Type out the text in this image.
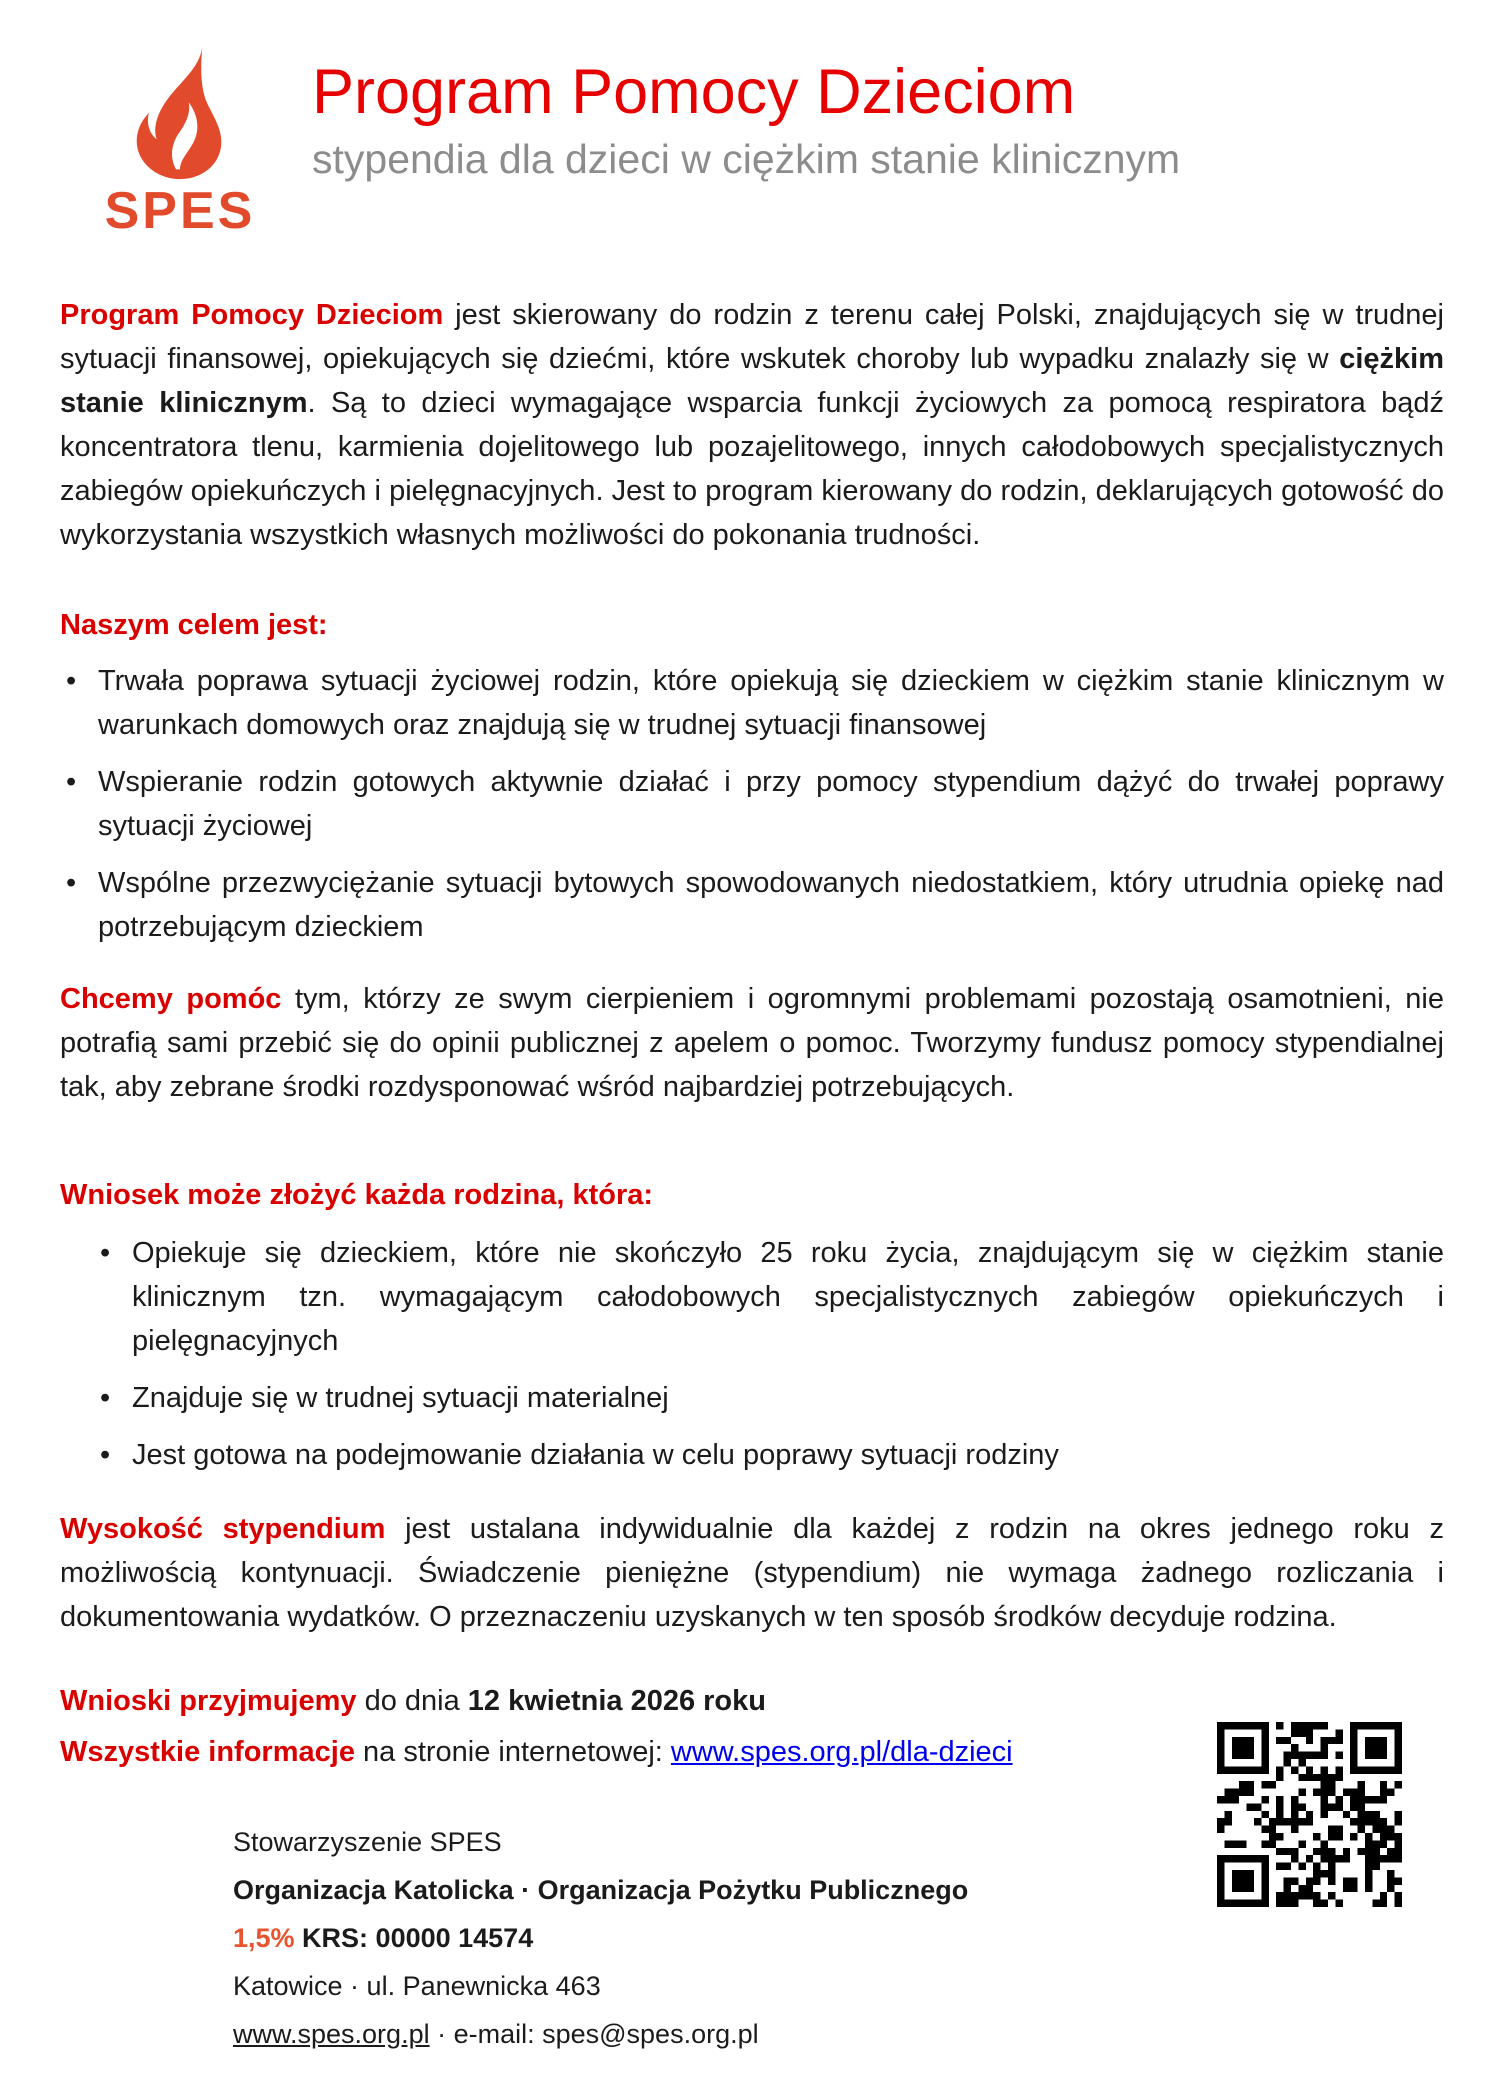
SPES
Program Pomocy Dzieciom
stypendia dla dzieci w ciężkim stanie klinicznym

Program Pomocy Dzieciom jest skierowany do rodzin z terenu całej Polski, znajdujących się w trudnej sytuacji finansowej, opiekujących się dziećmi, które wskutek choroby lub wypadku znalazły się w ciężkim stanie klinicznym. Są to dzieci wymagające wsparcia funkcji życiowych za pomocą respiratora bądź koncentratora tlenu, karmienia dojelitowego lub pozajelitowego, innych całodobowych specjalistycznych zabiegów opiekuńczych i pielęgnacyjnych. Jest to program kierowany do rodzin, deklarujących gotowość do wykorzystania wszystkich własnych możliwości do pokonania trudności.

Naszym celem jest:
• Trwała poprawa sytuacji życiowej rodzin, które opiekują się dzieckiem w ciężkim stanie klinicznym w warunkach domowych oraz znajdują się w trudnej sytuacji finansowej
• Wspieranie rodzin gotowych aktywnie działać i przy pomocy stypendium dążyć do trwałej poprawy sytuacji życiowej
• Wspólne przezwyciężanie sytuacji bytowych spowodowanych niedostatkiem, który utrudnia opiekę nad potrzebującym dzieckiem

Chcemy pomóc tym, którzy ze swym cierpieniem i ogromnymi problemami pozostają osamotnieni, nie potrafią sami przebić się do opinii publicznej z apelem o pomoc. Tworzymy fundusz pomocy stypendialnej tak, aby zebrane środki rozdysponować wśród najbardziej potrzebujących.

Wniosek może złożyć każda rodzina, która:
• Opiekuje się dzieckiem, które nie skończyło 25 roku życia, znajdującym się w ciężkim stanie klinicznym tzn. wymagającym całodobowych specjalistycznych zabiegów opiekuńczych i pielęgnacyjnych
• Znajduje się w trudnej sytuacji materialnej
• Jest gotowa na podejmowanie działania w celu poprawy sytuacji rodziny

Wysokość stypendium jest ustalana indywidualnie dla każdej z rodzin na okres jednego roku z możliwością kontynuacji. Świadczenie pieniężne (stypendium) nie wymaga żadnego rozliczania i dokumentowania wydatków. O przeznaczeniu uzyskanych w ten sposób środków decyduje rodzina.

Wnioski przyjmujemy do dnia 12 kwietnia 2026 roku

Wszystkie informacje na stronie internetowej: www.spes.org.pl/dla-dzieci

Stowarzyszenie SPES

Organizacja Katolicka · Organizacja Pożytku Publicznego

1,5% KRS: 00000 14574

Katowice · ul. Panewnicka 463

www.spes.org.pl · e-mail: spes@spes.org.pl
